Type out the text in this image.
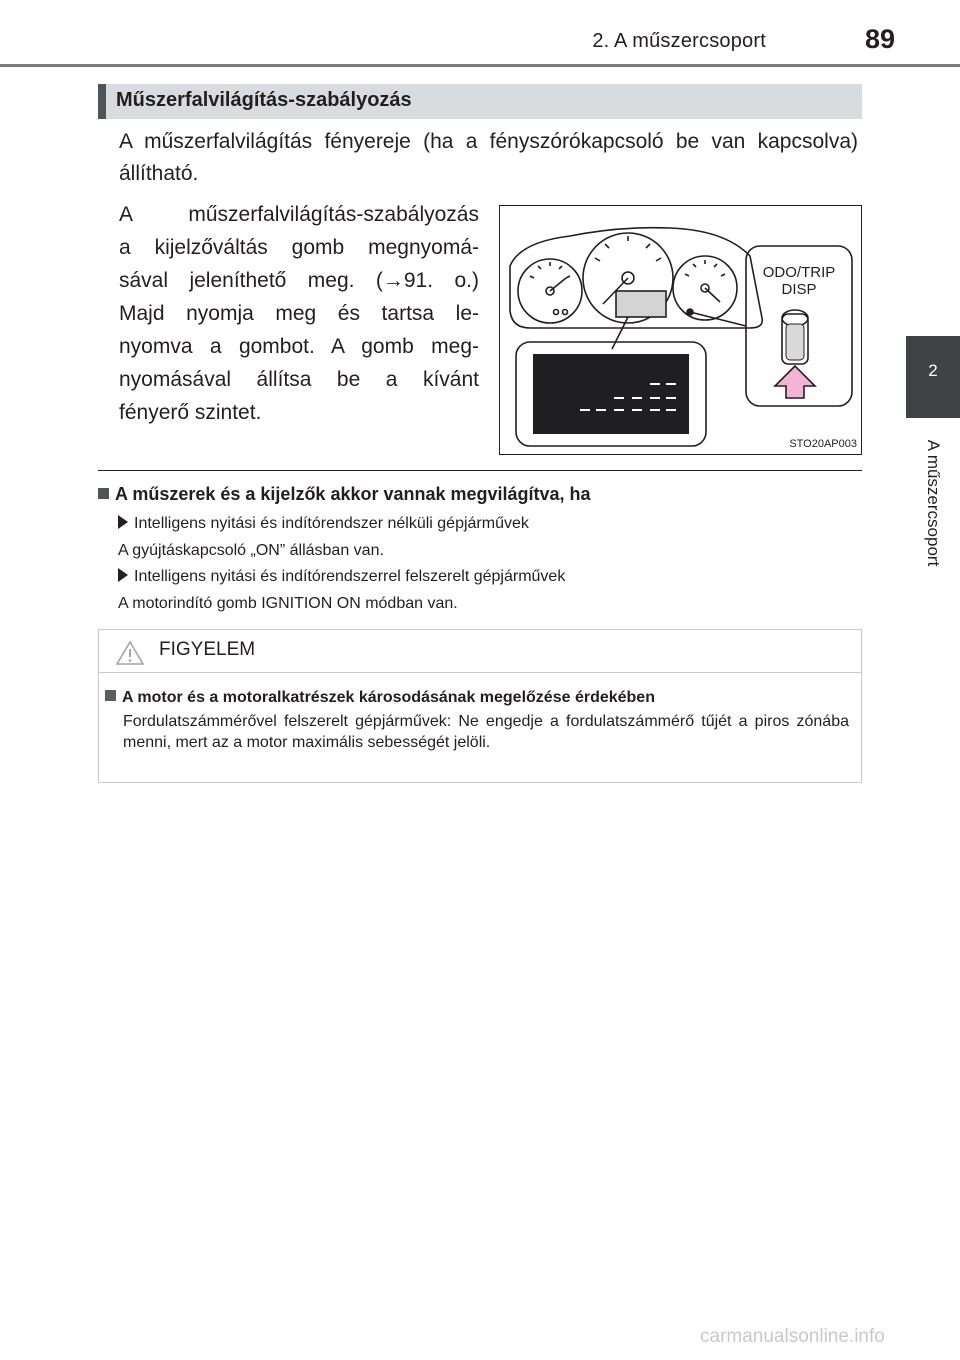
2. A műszercsoport	89
2
A műszercsoport
Műszerfalvilágítás-szabályozás
A műszerfalvilágítás fényereje (ha a fényszórókapcsoló be van kapcsolva) állítható.
A műszerfalvilágítás-szabályozás
a kijelzőváltás gomb megnyomá-
sával jeleníthető meg. (→91. o.)
Majd nyomja meg és tartsa le-
nyomva a gombot. A gomb meg-
nyomásával állítsa be a kívánt
fényerő szintet.
ODO/TRIP
DISP
STO20AP003
A műszerek és a kijelzők akkor vannak megvilágítva, ha
Intelligens nyitási és indítórendszer nélküli gépjárművek
A gyújtáskapcsoló „ON” állásban van.
Intelligens nyitási és indítórendszerrel felszerelt gépjárművek
A motorindító gomb IGNITION ON módban van.
FIGYELEM
A motor és a motoralkatrészek károsodásának megelőzése érdekében
Fordulatszámmérővel felszerelt gépjárművek: Ne engedje a fordulatszámmérő tűjét a piros zónába menni, mert az a motor maximális sebességét jelöli.
carmanualsonline.info
